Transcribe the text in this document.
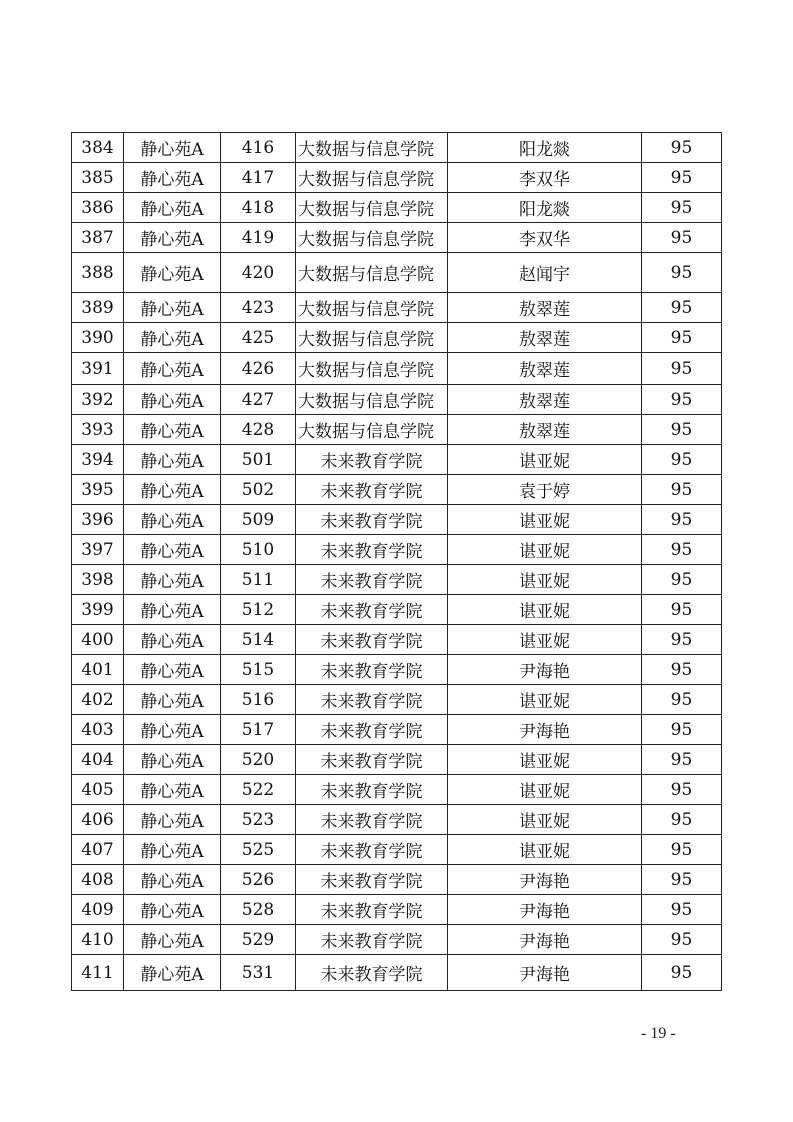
384	静心苑A	416	大数据与信息学院	阳龙燚	95
385	静心苑A	417	大数据与信息学院	李双华	95
386	静心苑A	418	大数据与信息学院	阳龙燚	95
387	静心苑A	419	大数据与信息学院	李双华	95
388	静心苑A	420	大数据与信息学院	赵闻宇	95
389	静心苑A	423	大数据与信息学院	敖翠莲	95
390	静心苑A	425	大数据与信息学院	敖翠莲	95
391	静心苑A	426	大数据与信息学院	敖翠莲	95
392	静心苑A	427	大数据与信息学院	敖翠莲	95
393	静心苑A	428	大数据与信息学院	敖翠莲	95
394	静心苑A	501	未来教育学院	谌亚妮	95
395	静心苑A	502	未来教育学院	袁于婷	95
396	静心苑A	509	未来教育学院	谌亚妮	95
397	静心苑A	510	未来教育学院	谌亚妮	95
398	静心苑A	511	未来教育学院	谌亚妮	95
399	静心苑A	512	未来教育学院	谌亚妮	95
400	静心苑A	514	未来教育学院	谌亚妮	95
401	静心苑A	515	未来教育学院	尹海艳	95
402	静心苑A	516	未来教育学院	谌亚妮	95
403	静心苑A	517	未来教育学院	尹海艳	95
404	静心苑A	520	未来教育学院	谌亚妮	95
405	静心苑A	522	未来教育学院	谌亚妮	95
406	静心苑A	523	未来教育学院	谌亚妮	95
407	静心苑A	525	未来教育学院	谌亚妮	95
408	静心苑A	526	未来教育学院	尹海艳	95
409	静心苑A	528	未来教育学院	尹海艳	95
410	静心苑A	529	未来教育学院	尹海艳	95
411	静心苑A	531	未来教育学院	尹海艳	95
- 19 -
